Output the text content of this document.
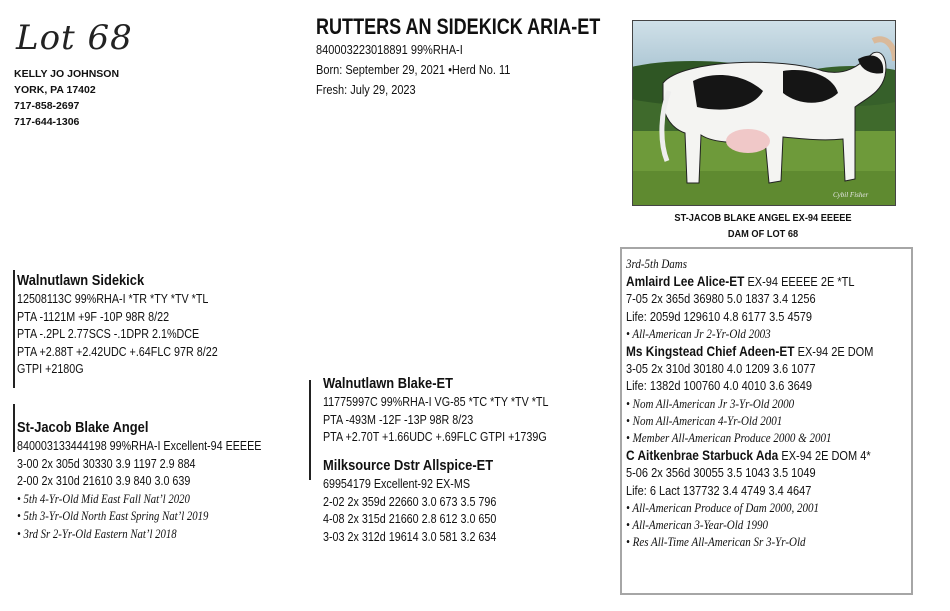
Lot 68
KELLY JO JOHNSON
YORK, PA 17402
717-858-2697
717-644-1306
RUTTERS AN SIDEKICK ARIA-ET
840003223018891 99%RHA-I
Born: September 29, 2021 •Herd No. 11
Fresh: July 29, 2023
Cybil Fisher
ST-JACOB BLAKE ANGEL EX-94 EEEEE
DAM OF LOT 68
Walnutlawn Sidekick
12508113C 99%RHA-I *TR *TY *TV *TL
PTA -1121M +9F -10P 98R 8/22
PTA -.2PL 2.77SCS -.1DPR 2.1%DCE
PTA +2.88T +2.42UDC +.64FLC 97R 8/22
GTPI +2180G
St-Jacob Blake Angel
840003133444198 99%RHA-I Excellent-94 EEEEE
3-00 2x 305d 30330 3.9 1197 2.9 884
2-00 2x 310d 21610 3.9 840 3.0 639
• 5th 4-Yr-Old Mid East Fall Nat’l 2020
• 5th 3-Yr-Old North East Spring Nat’l 2019
• 3rd Sr 2-Yr-Old Eastern Nat’l 2018
Walnutlawn Blake-ET
11775997C 99%RHA-I VG-85 *TC *TY *TV *TL
PTA -493M -12F -13P 98R 8/23
PTA +2.70T +1.66UDC +.69FLC GTPI +1739G
Milksource Dstr Allspice-ET
69954179 Excellent-92 EX-MS
2-02 2x 359d 22660 3.0 673 3.5 796
4-08 2x 315d 21660 2.8 612 3.0 650
3-03 2x 312d 19614 3.0 581 3.2 634
3rd-5th Dams
Amlaird Lee Alice-ET EX-94 EEEEE 2E *TL
7-05 2x 365d 36980 5.0 1837 3.4 1256
Life: 2059d 129610 4.8 6177 3.5 4579
• All-American Jr 2-Yr-Old 2003
Ms Kingstead Chief Adeen-ET EX-94 2E DOM
3-05 2x 310d 30180 4.0 1209 3.6 1077
Life: 1382d 100760 4.0 4010 3.6 3649
• Nom All-American Jr 3-Yr-Old 2000
• Nom All-American 4-Yr-Old 2001
• Member All-American Produce 2000 & 2001
C Aitkenbrae Starbuck Ada EX-94 2E DOM 4*
5-06 2x 356d 30055 3.5 1043 3.5 1049
Life: 6 Lact 137732 3.4 4749 3.4 4647
• All-American Produce of Dam 2000, 2001
• All-American 3-Year-Old 1990
• Res All-Time All-American Sr 3-Yr-Old
